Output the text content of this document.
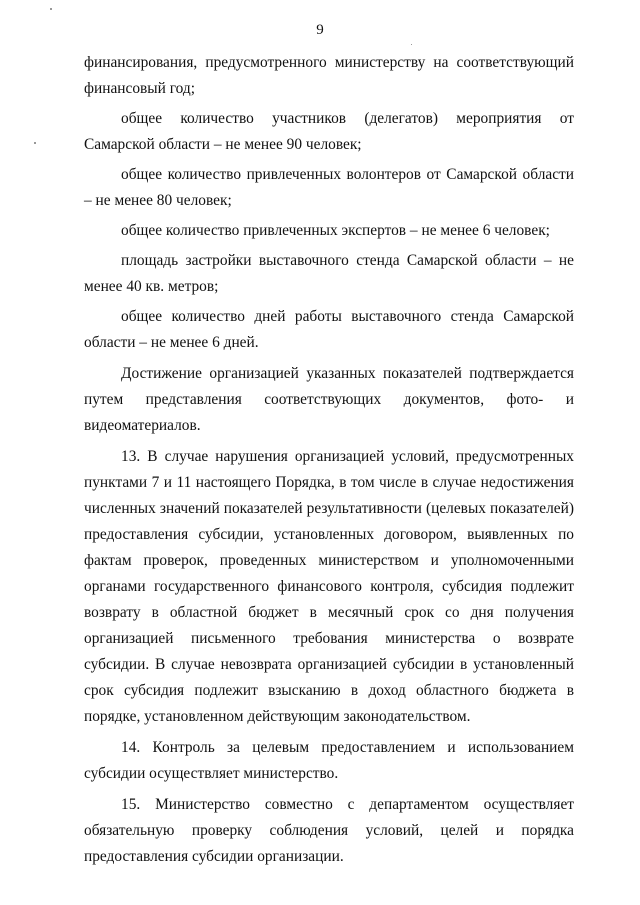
9

финансирования, предусмотренного министерству на соответствующий финансовый год;

общее количество участников (делегатов) мероприятия от Самарской области – не менее 90 человек;

общее количество привлеченных волонтеров от Самарской области – не менее 80 человек;

общее количество привлеченных экспертов – не менее 6 человек;

площадь застройки выставочного стенда Самарской области – не менее 40 кв. метров;

общее количество дней работы выставочного стенда Самарской области – не менее 6 дней.

Достижение организацией указанных показателей подтверждается путем представления соответствующих документов, фото- и видеоматериалов.

13. В случае нарушения организацией условий, предусмотренных пунктами 7 и 11 настоящего Порядка, в том числе в случае недостижения численных значений показателей результативности (целевых показателей) предоставления субсидии, установленных договором, выявленных по фактам проверок, проведенных министерством и уполномоченными органами государственного финансового контроля, субсидия подлежит возврату в областной бюджет в месячный срок со дня получения организацией письменного требования министерства о возврате субсидии. В случае невозврата организацией субсидии в установленный срок субсидия подлежит взысканию в доход областного бюджета в порядке, установленном действующим законодательством.

14. Контроль за целевым предоставлением и использованием субсидии осуществляет министерство.

15. Министерство совместно с департаментом осуществляет обязательную проверку соблюдения условий, целей и порядка предоставления субсидии организации.
